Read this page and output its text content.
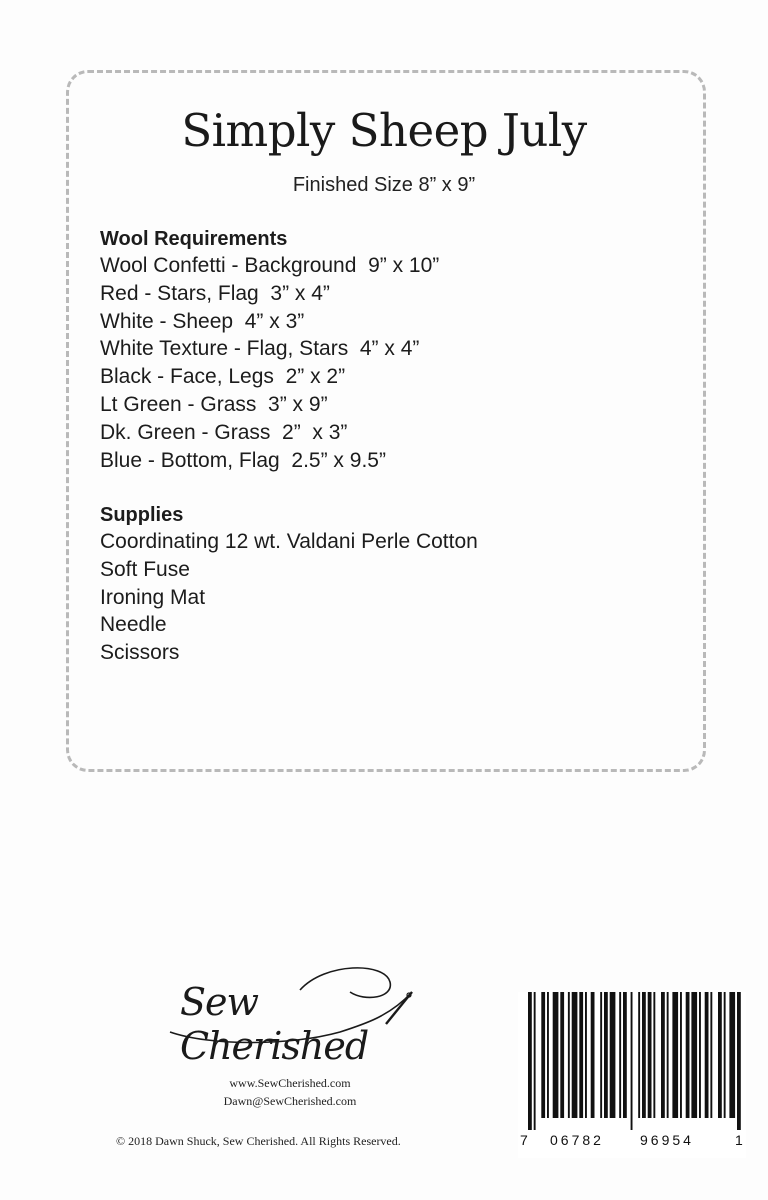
Simply Sheep July
Finished Size 8” x 9”
Wool Requirements
Wool Confetti - Background  9” x 10”
Red - Stars, Flag  3” x 4”
White - Sheep  4” x 3”
White Texture - Flag, Stars  4” x 4”
Black - Face, Legs  2” x 2”
Lt Green - Grass  3” x 9”
Dk. Green - Grass  2”  x 3”
Blue - Bottom, Flag  2.5” x 9.5”
Supplies
Coordinating 12 wt. Valdani Perle Cotton
Soft Fuse
Ironing Mat
Needle
Scissors
Sew Cherished
www.SewCherished.com
Dawn@SewCherished.com
© 2018 Dawn Shuck, Sew Cherished. All Rights Reserved.	7 06782	96954	1
